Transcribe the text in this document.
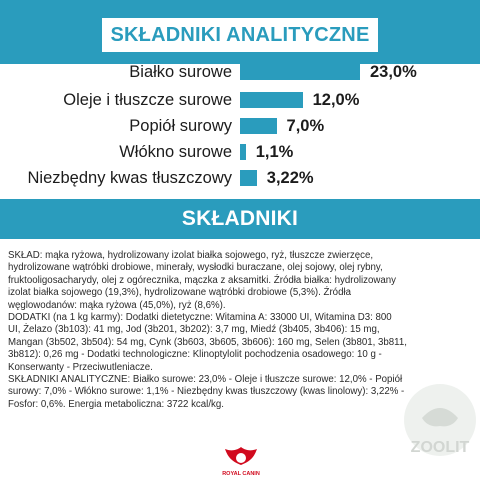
SKŁADNIKI ANALITYCZNE
Białko surowe	23,0%
Oleje i tłuszcze surowe	12,0%
Popiół surowy	7,0%
Włókno surowe 1,1%
Niezbędny kwas tłuszczowy 3,22%
SKŁADNIKI

SKŁAD: mąka ryżowa, hydrolizowany izolat białka sojowego, ryż, tłuszcze zwierzęce,

hydrolizowane wątróbki drobiowe, minerały, wysłodki buraczane, olej sojowy, olej rybny,

fruktooligosacharydy, olej z ogórecznika, mączka z aksamitki. Źródła białka: hydrolizowany

izolat białka sojowego (19,3%), hydrolizowane wątróbki drobiowe (5,3%). Źródła

węglowodanów: mąka ryżowa (45,0%), ryż (8,6%).

DODATKI (na 1 kg karmy): Dodatki dietetyczne: Witamina A: 33000 UI, Witamina D3: 800

UI, Żelazo (3b103): 41 mg, Jod (3b201, 3b202): 3,7 mg, Miedź (3b405, 3b406): 15 mg,

Mangan (3b502, 3b504): 54 mg, Cynk (3b603, 3b605, 3b606): 160 mg, Selen (3b801, 3b811,

3b812): 0,26 mg - Dodatki technologiczne: Klinoptylolit pochodzenia osadowego: 10 g -

Konserwanty - Przeciwutleniacze.

SKŁADNIKI ANALITYCZNE: Białko surowe: 23,0% - Oleje i tłuszcze surowe: 12,0% - Popiół

surowy: 7,0% - Włókno surowe: 1,1% - Niezbędny kwas tłuszczowy (kwas linolowy): 3,22% -

Fosfor: 0,6%. Energia metaboliczna: 3722 kcal/kg.

ZOOLIT
ROYAL CANIN
